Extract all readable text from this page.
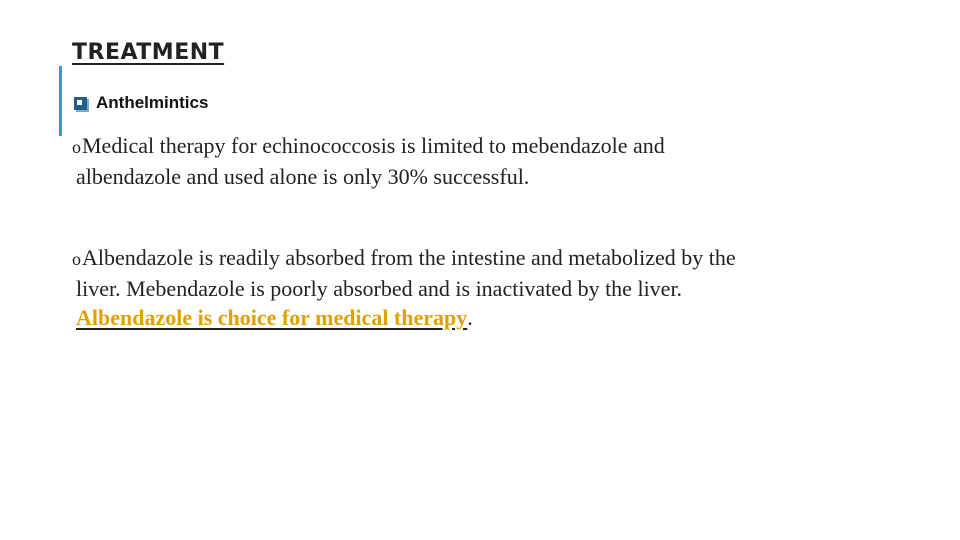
TREATMENT
Anthelmintics
oMedical therapy for echinococcosis is limited to mebendazole and
albendazole and used alone is only 30% successful.
oAlbendazole is readily absorbed from the intestine and metabolized by the
liver. Mebendazole is poorly absorbed and is inactivated by the liver.
Albendazole is choice for medical therapy.
